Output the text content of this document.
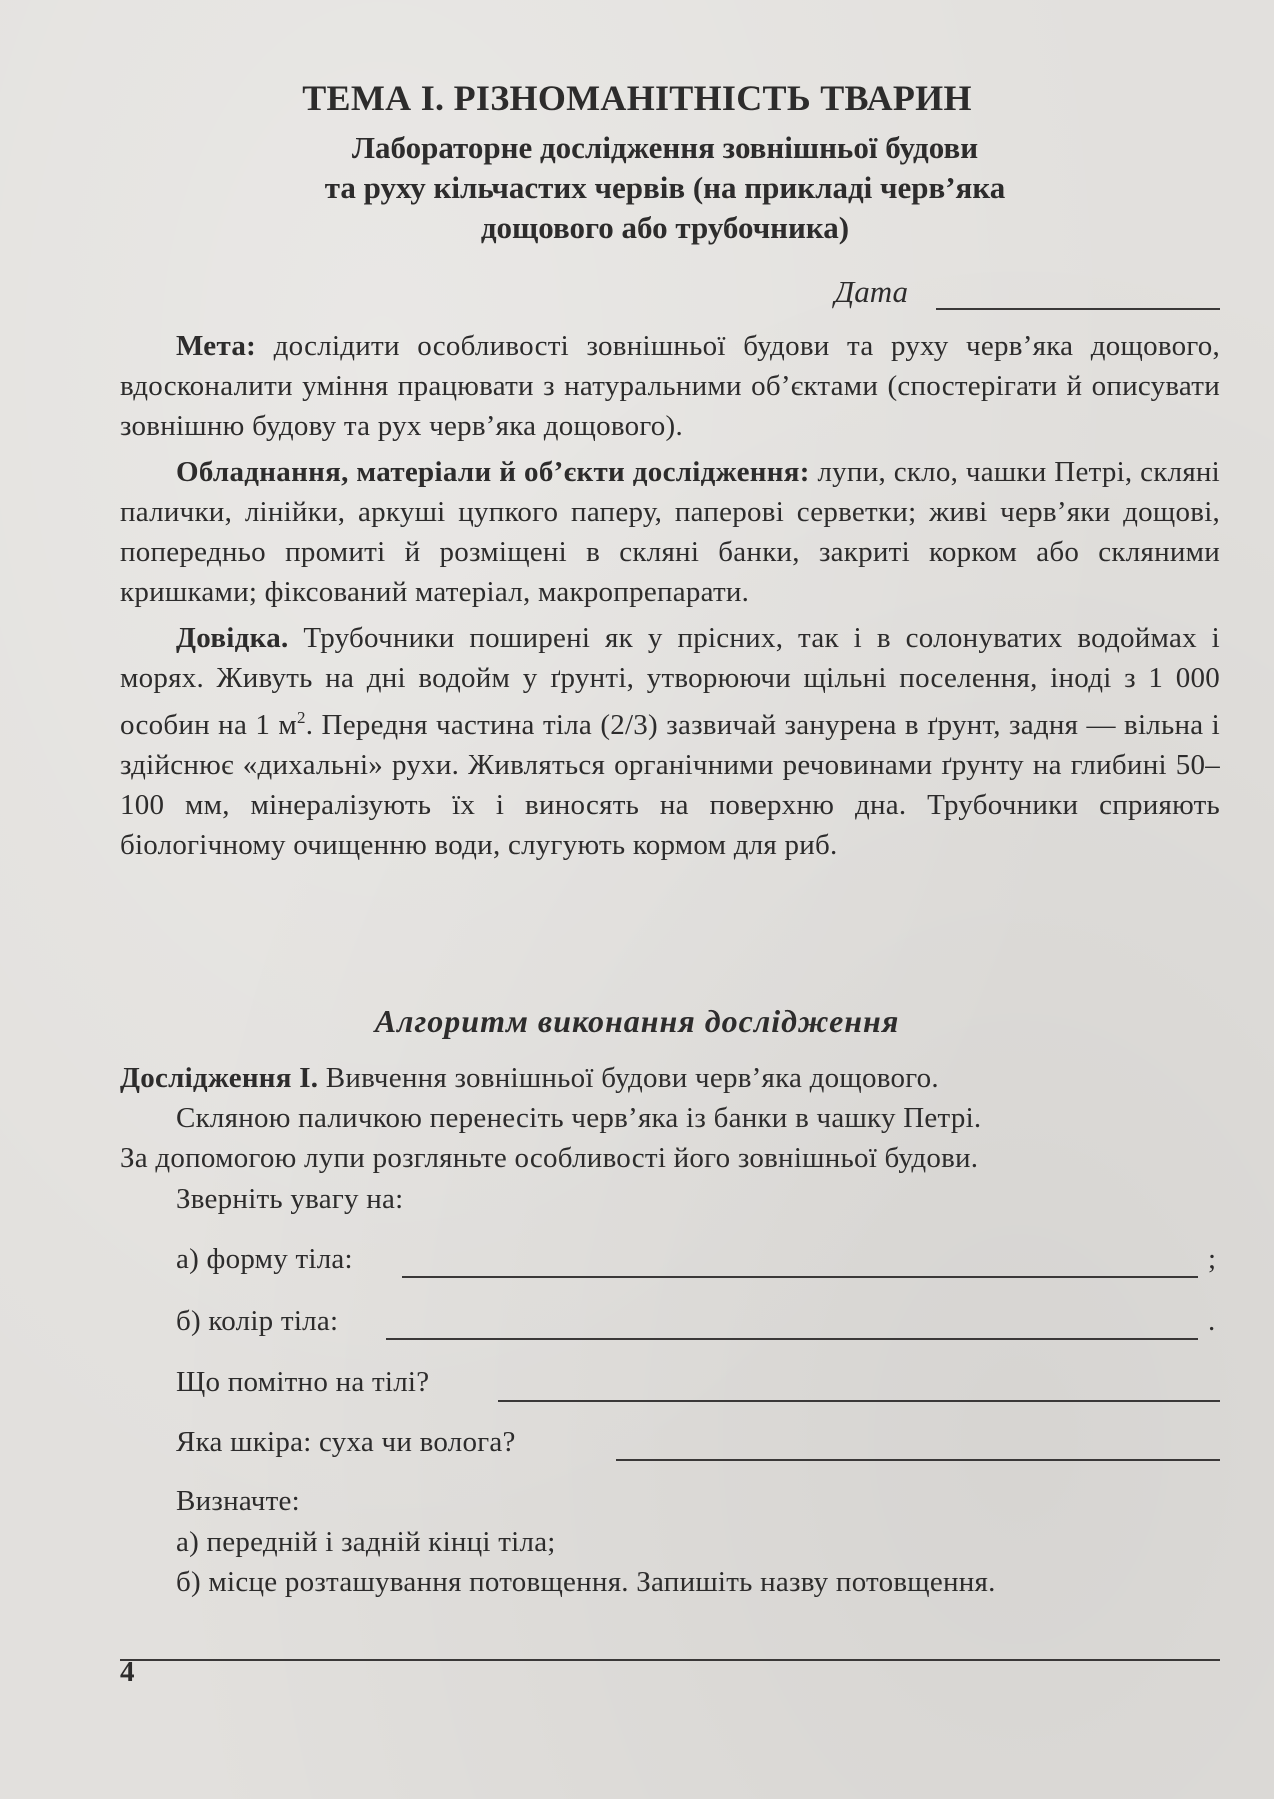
ТЕМА І. РІЗНОМАНІТНІСТЬ ТВАРИН
Лабораторне дослідження зовнішньої будови
та руху кільчастих червів (на прикладі черв’яка
дощового або трубочника)
Дата

Мета: дослідити особливості зовнішньої будови та руху черв’яка дощового, вдосконалити уміння працювати з натуральними об’єктами (спостерігати й описувати зовнішню будову та рух черв’яка дощового).

Обладнання, матеріали й об’єкти дослідження: лупи, скло, чашки Петрі, скляні палички, лінійки, аркуші цупкого паперу, паперові серветки; живі черв’яки дощові, попередньо промиті й розміщені в скляні банки, закриті корком або скляними кришками; фіксований матеріал, макропрепарати.

Довідка. Трубочники поширені як у прісних, так і в солонуватих водоймах і морях. Живуть на дні водойм у ґрунті, утворюючи щільні поселення, іноді з 1 000 особин на 1 $м^2$. Передня частина тіла (2/3) зазвичай занурена в ґрунт, задня — вільна і здійснює «дихальні» рухи. Живляться органічними речовинами ґрунту на глибині 50–100 мм, мінералізують їх і виносять на поверхню дна. Трубочники сприяють біологічному очищенню води, слугують кормом для риб.

Алгоритм виконання дослідження
Дослідження I. Вивчення зовнішньої будови черв’яка дощового.
Скляною паличкою перенесіть черв’яка із банки в чашку Петрі.
За допомогою лупи розгляньте особливості його зовнішньої будови.
Зверніть увагу на:
а) форму тіла:	;
б) колір тіла:	.
Що помітно на тілі?
Яка шкіра: суха чи волога?
Визначте:
а) передній і задній кінці тіла;
б) місце розташування потовщення. Запишіть назву потовщення.
4
